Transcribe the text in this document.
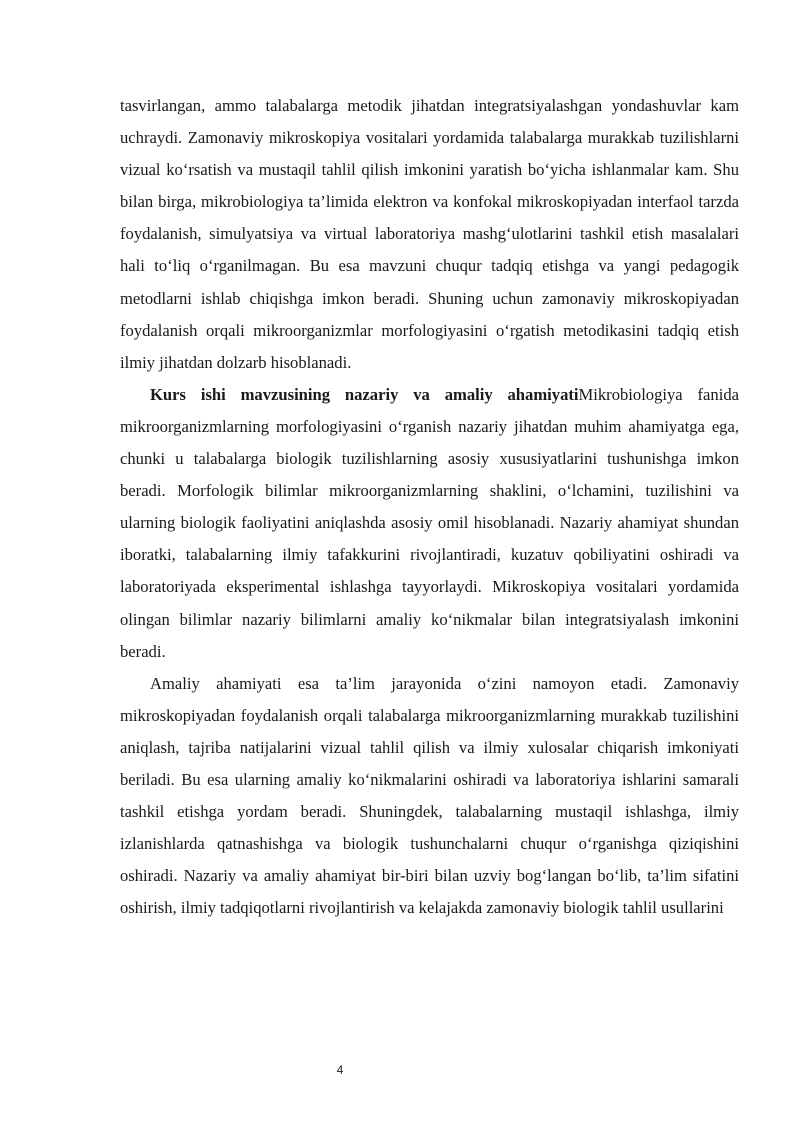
tasvirlangan, ammo talabalarga metodik jihatdan integratsiyalashgan yondashuvlar kam uchraydi. Zamonaviy mikroskopiya vositalari yordamida talabalarga murakkab tuzilishlarni vizual ko‘rsatish va mustaqil tahlil qilish imkonini yaratish bo‘yicha ishlanmalar kam. Shu bilan birga, mikrobiologiya ta’limida elektron va konfokal mikroskopiyadan interfaol tarzda foydalanish, simulyatsiya va virtual laboratoriya mashg‘ulotlarini tashkil etish masalalari hali to‘liq o‘rganilmagan. Bu esa mavzuni chuqur tadqiq etishga va yangi pedagogik metodlarni ishlab chiqishga imkon beradi. Shuning uchun zamonaviy mikroskopiyadan foydalanish orqali mikroorganizmlar morfologiyasini o‘rgatish metodikasini tadqiq etish ilmiy jihatdan dolzarb hisoblanadi.

Kurs ishi mavzusining nazariy va amaliy ahamiyatiMikrobiologiya fanida mikroorganizmlarning morfologiyasini o‘rganish nazariy jihatdan muhim ahamiyatga ega, chunki u talabalarga biologik tuzilishlarning asosiy xususiyatlarini tushunishga imkon beradi. Morfologik bilimlar mikroorganizmlarning shaklini, o‘lchamini, tuzilishini va ularning biologik faoliyatini aniqlashda asosiy omil hisoblanadi. Nazariy ahamiyat shundan iboratki, talabalarning ilmiy tafakkurini rivojlantiradi, kuzatuv qobiliyatini oshiradi va laboratoriyada eksperimental ishlashga tayyorlaydi. Mikroskopiya vositalari yordamida olingan bilimlar nazariy bilimlarni amaliy ko‘nikmalar bilan integratsiyalash imkonini beradi.

Amaliy ahamiyati esa ta’lim jarayonida o‘zini namoyon etadi. Zamonaviy mikroskopiyadan foydalanish orqali talabalarga mikroorganizmlarning murakkab tuzilishini aniqlash, tajriba natijalarini vizual tahlil qilish va ilmiy xulosalar chiqarish imkoniyati beriladi. Bu esa ularning amaliy ko‘nikmalarini oshiradi va laboratoriya ishlarini samarali tashkil etishga yordam beradi. Shuningdek, talabalarning mustaqil ishlashga, ilmiy izlanishlarda qatnashishga va biologik tushunchalarni chuqur o‘rganishga qiziqishini oshiradi. Nazariy va amaliy ahamiyat bir-biri bilan uzviy bog‘langan bo‘lib, ta’lim sifatini oshirish, ilmiy tadqiqotlarni rivojlantirish va kelajakda zamonaviy biologik tahlil usullarini

4
